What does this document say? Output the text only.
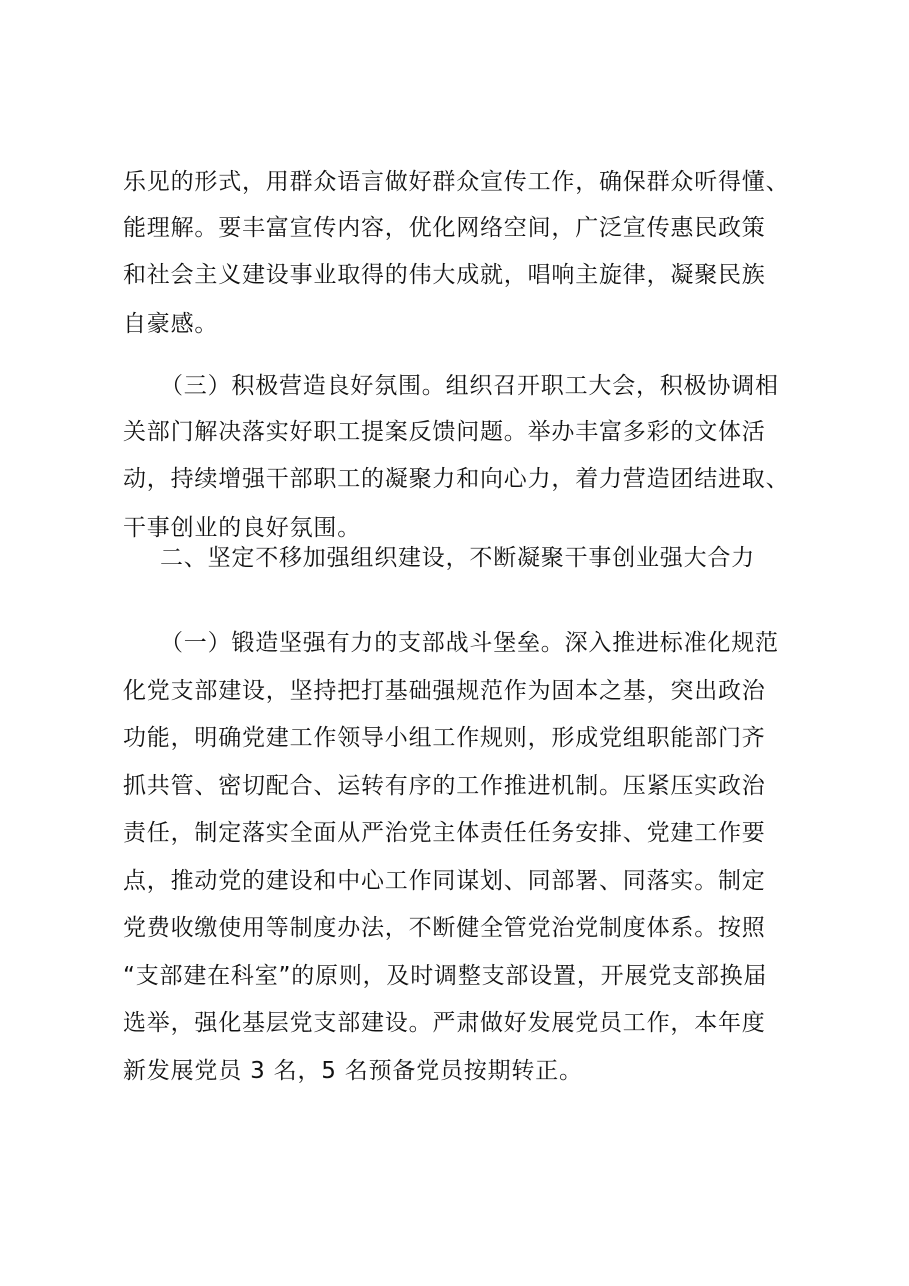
乐见的形式，用群众语言做好群众宣传工作，确保群众听得懂、
能理解。要丰富宣传内容，优化网络空间，广泛宣传惠民政策
和社会主义建设事业取得的伟大成就，唱响主旋律，凝聚民族
自豪感。
（三）积极营造良好氛围。组织召开职工大会，积极协调相
关部门解决落实好职工提案反馈问题。举办丰富多彩的文体活
动，持续增强干部职工的凝聚力和向心力，着力营造团结进取、
干事创业的良好氛围。
二、坚定不移加强组织建设，不断凝聚干事创业强大合力
（一）锻造坚强有力的支部战斗堡垒。深入推进标准化规范
化党支部建设，坚持把打基础强规范作为固本之基，突出政治
功能，明确党建工作领导小组工作规则，形成党组职能部门齐
抓共管、密切配合、运转有序的工作推进机制。压紧压实政治
责任，制定落实全面从严治党主体责任任务安排、党建工作要
点，推动党的建设和中心工作同谋划、同部署、同落实。制定
党费收缴使用等制度办法，不断健全管党治党制度体系。按照
“支部建在科室”的原则，及时调整支部设置，开展党支部换届
选举，强化基层党支部建设。严肃做好发展党员工作，本年度
新发展党员 3 名，5 名预备党员按期转正。
